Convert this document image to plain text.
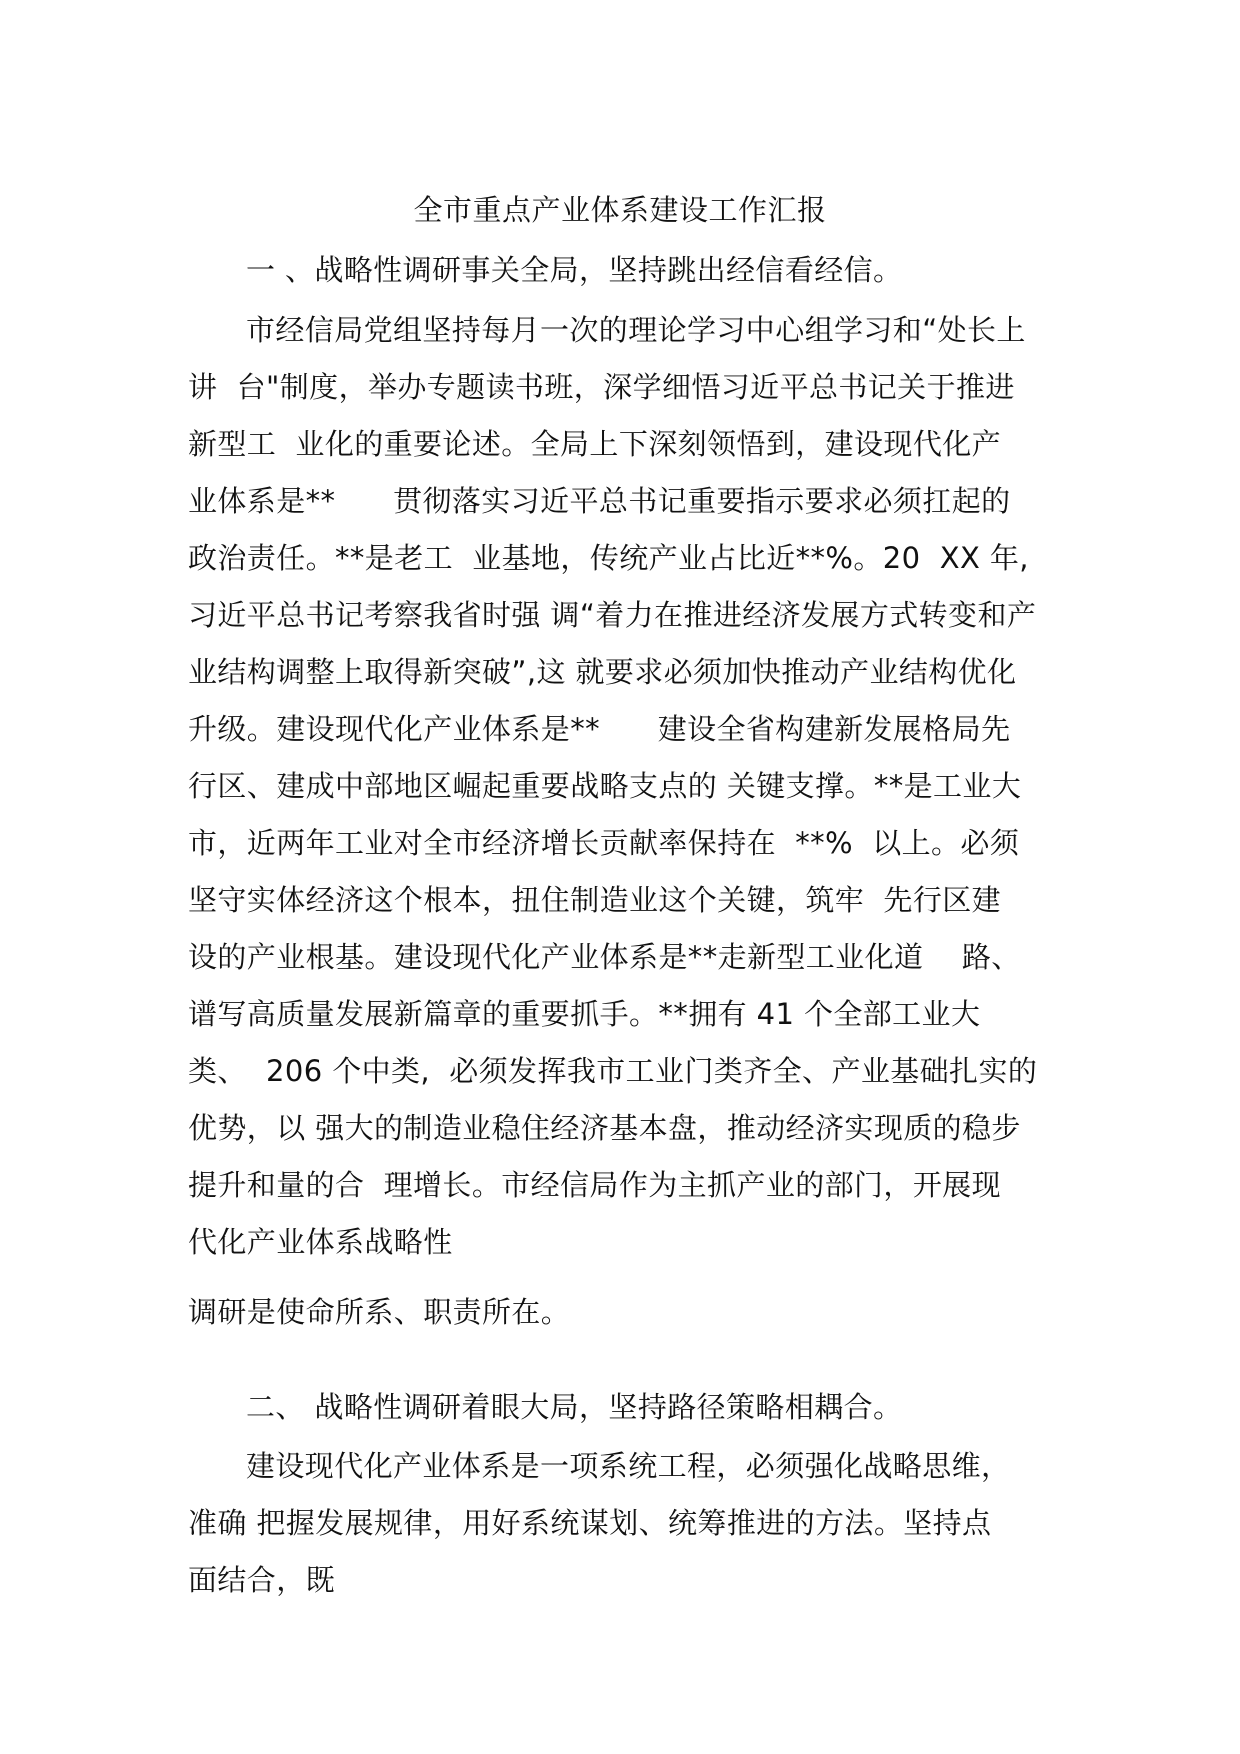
全市重点产业体系建设工作汇报
一 、战略性调研事关全局，坚持跳出经信看经信。
市经信局党组坚持每月一次的理论学习中心组学习和“处长上
讲  台"制度，举办专题读书班，深学细悟习近平总书记关于推进
新型工  业化的重要论述。全局上下深刻领悟到，建设现代化产
业体系是**      贯彻落实习近平总书记重要指示要求必须扛起的
政治责任。**是老工  业基地，传统产业占比近**%。20  XX 年,
习近平总书记考察我省时强 调“着力在推进经济发展方式转变和产
业结构调整上取得新突破”,这 就要求必须加快推动产业结构优化
升级。建设现代化产业体系是**      建设全省构建新发展格局先
行区、建成中部地区崛起重要战略支点的 关键支撑。**是工业大
市，近两年工业对全市经济增长贡献率保持在  **%  以上。必须
坚守实体经济这个根本，扭住制造业这个关键，筑牢  先行区建
设的产业根基。建设现代化产业体系是**走新型工业化道    路、
谱写高质量发展新篇章的重要抓手。**拥有 41 个全部工业大
类、  206 个中类,  必须发挥我市工业门类齐全、产业基础扎实的
优势，以 强大的制造业稳住经济基本盘，推动经济实现质的稳步
提升和量的合  理增长。市经信局作为主抓产业的部门，开展现
代化产业体系战略性
调研是使命所系、职责所在。
二、 战略性调研着眼大局，坚持路径策略相耦合。
建设现代化产业体系是一项系统工程，必须强化战略思维，
准确 把握发展规律，用好系统谋划、统筹推进的方法。坚持点
面结合，既
